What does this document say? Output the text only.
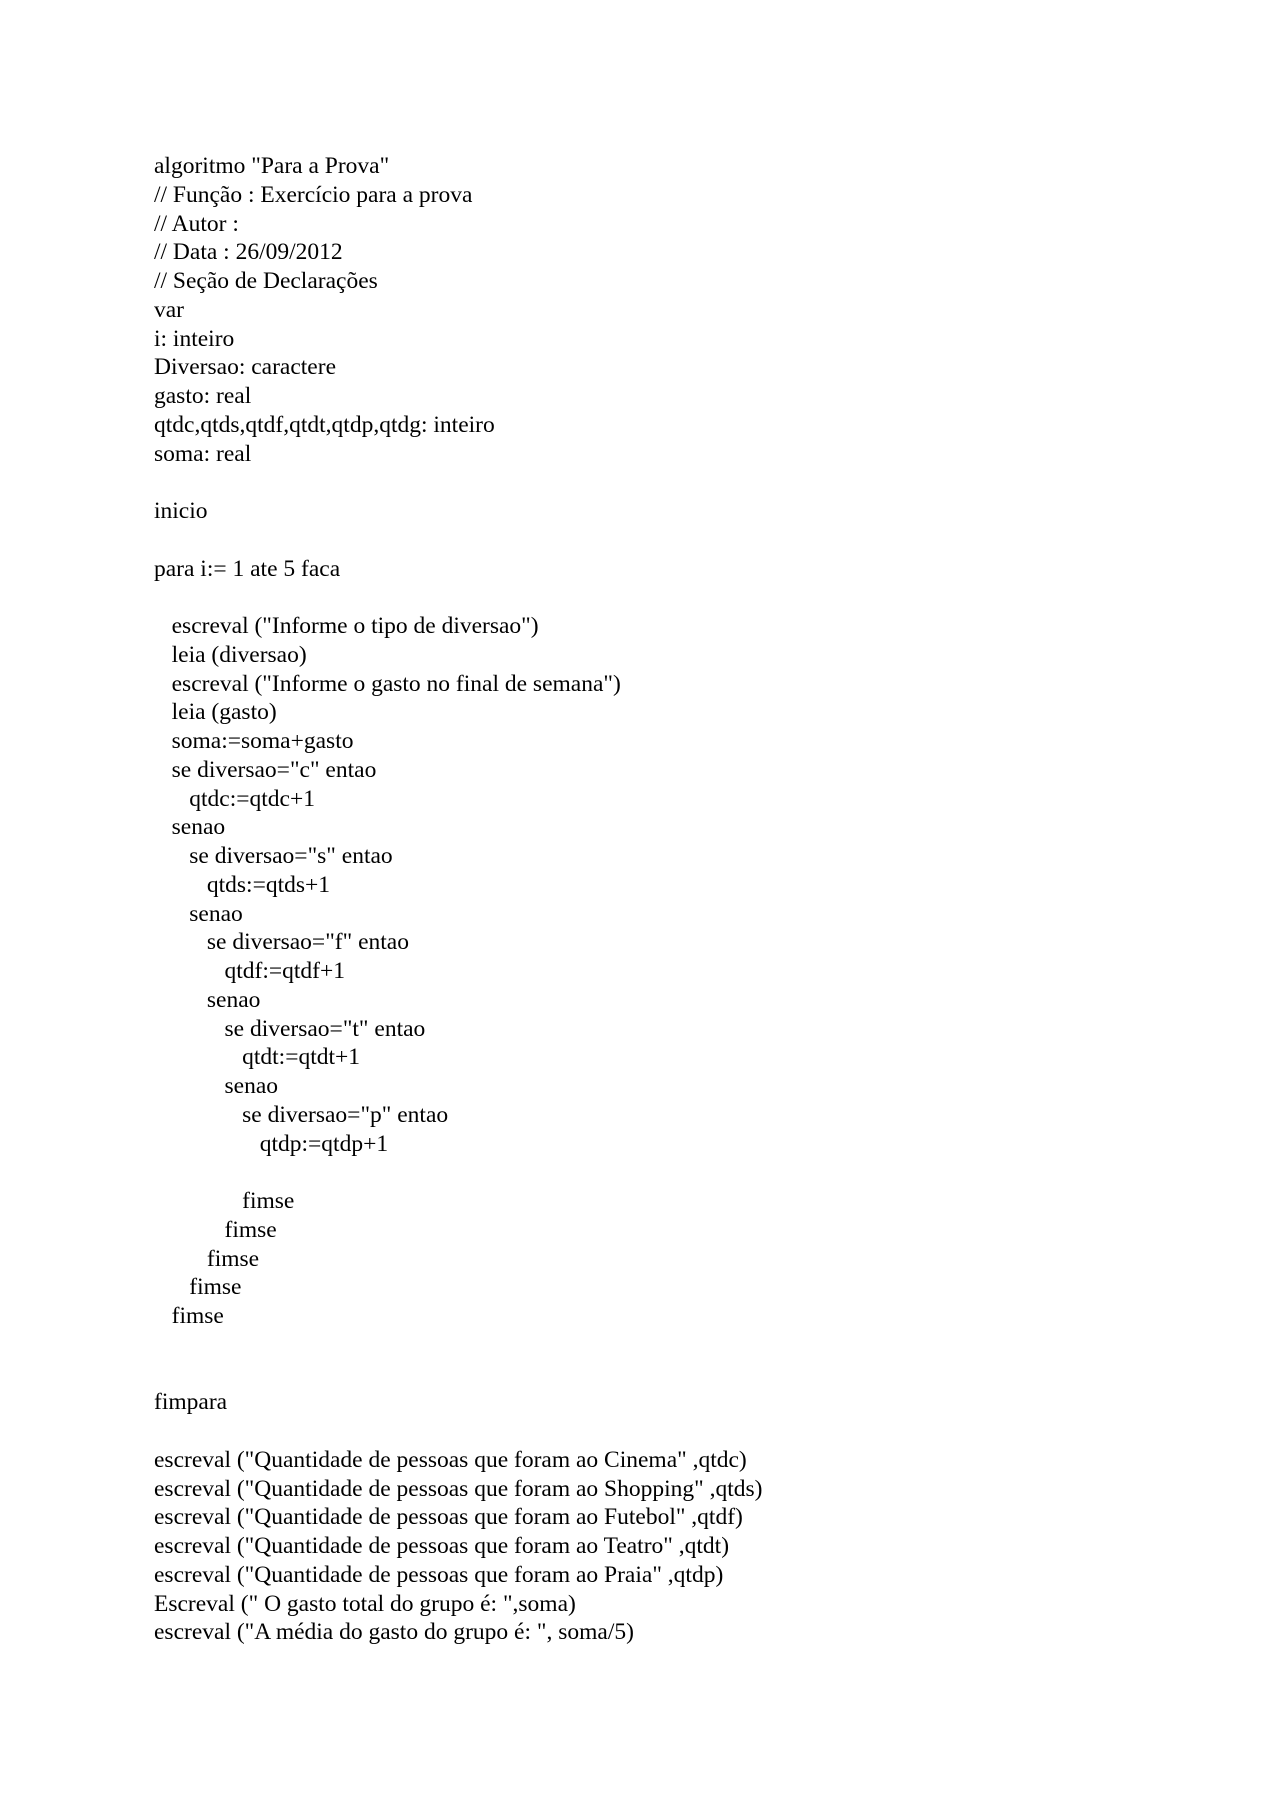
algoritmo "Para a Prova"
// Função : Exercício para a prova
// Autor :
// Data : 26/09/2012
// Seção de Declarações
var
i: inteiro
Diversao: caractere
gasto: real
qtdc,qtds,qtdf,qtdt,qtdp,qtdg: inteiro
soma: real
inicio
para i:= 1 ate 5 faca
escreval ("Informe o tipo de diversao")
leia (diversao)
escreval ("Informe o gasto no final de semana")
leia (gasto)
soma:=soma+gasto
se diversao="c" entao
qtdc:=qtdc+1
senao
se diversao="s" entao
qtds:=qtds+1
senao
se diversao="f" entao
qtdf:=qtdf+1
senao
se diversao="t" entao
qtdt:=qtdt+1
senao
se diversao="p" entao
qtdp:=qtdp+1
fimse
fimse
fimse
fimse
fimse
fimpara
escreval ("Quantidade de pessoas que foram ao Cinema" ,qtdc)
escreval ("Quantidade de pessoas que foram ao Shopping" ,qtds)
escreval ("Quantidade de pessoas que foram ao Futebol" ,qtdf)
escreval ("Quantidade de pessoas que foram ao Teatro" ,qtdt)
escreval ("Quantidade de pessoas que foram ao Praia" ,qtdp)
Escreval (" O gasto total do grupo é: ",soma)
escreval ("A média do gasto do grupo é: ", soma/5)
